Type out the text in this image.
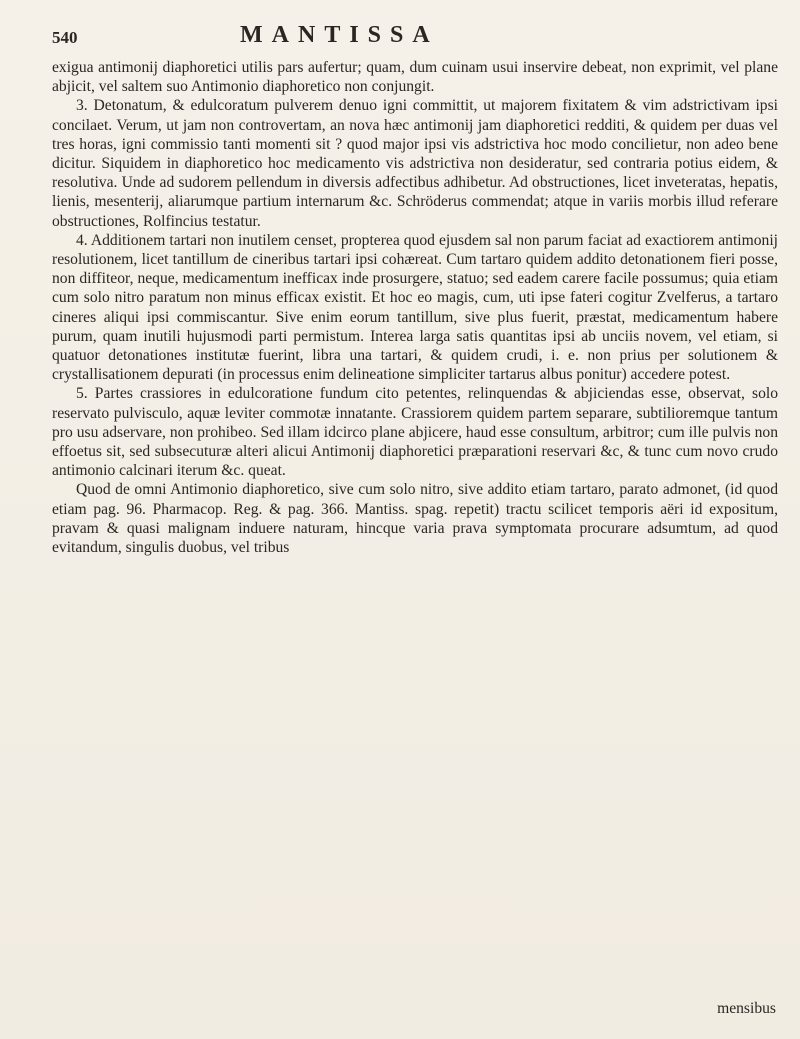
540	MANTISSA

exigua antimonij diaphoretici utilis pars aufertur; quam, dum cuinam usui inservire debeat, non exprimit, vel plane abjicit, vel saltem suo Antimonio diaphoretico non conjungit.

3. Detonatum, & edulcoratum pulverem denuo igni committit, ut majorem fixitatem & vim adstrictivam ipsi concilaet. Verum, ut jam non controvertam, an nova hæc antimonij jam diaphoretici redditi, & quidem per duas vel tres horas, igni commissio tanti momenti sit ? quod major ipsi vis adstrictiva hoc modo concilietur, non adeo bene dicitur. Siquidem in diaphoretico hoc medicamento vis adstrictiva non desideratur, sed contraria potius eidem, & resolutiva. Unde ad sudorem pellendum in diversis adfectibus adhibetur. Ad obstructiones, licet inveteratas, hepatis, lienis, mesenterij, aliarumque partium internarum &c. Schröderus commendat; atque in variis morbis illud referare obstructiones, Rolfincius testatur.

4. Additionem tartari non inutilem censet, propterea quod ejusdem sal non parum faciat ad exactiorem antimonij resolutionem, licet tantillum de cineribus tartari ipsi cohæreat. Cum tartaro quidem addito detonationem fieri posse, non diffiteor, neque, medicamentum inefficax inde prosurgere, statuo; sed eadem carere facile possumus; quia etiam cum solo nitro paratum non minus efficax existit. Et hoc eo magis, cum, uti ipse fateri cogitur Zvelferus, a tartaro cineres aliqui ipsi commiscantur. Sive enim eorum tantillum, sive plus fuerit, præstat, medicamentum habere purum, quam inutili hujusmodi parti permistum. Interea larga satis quantitas ipsi ab unciis novem, vel etiam, si quatuor detonationes institutæ fuerint, libra una tartari, & quidem crudi, i. e. non prius per solutionem & crystallisationem depurati (in processus enim delineatione simpliciter tartarus albus ponitur) accedere potest.

5. Partes crassiores in edulcoratione fundum cito petentes, relinquendas & abjiciendas esse, observat, solo reservato pulvisculo, aquæ leviter commotæ innatante. Crassiorem quidem partem separare, subtilioremque tantum pro usu adservare, non prohibeo. Sed illam idcirco plane abjicere, haud esse consultum, arbitror; cum ille pulvis non effoetus sit, sed subsecuturæ alteri alicui Antimonij diaphoretici præparationi reservari &c, & tunc cum novo crudo antimonio calcinari iterum &c. queat.

Quod de omni Antimonio diaphoretico, sive cum solo nitro, sive addito etiam tartaro, parato admonet, (id quod etiam pag. 96. Pharmacop. Reg. & pag. 366. Mantiss. spag. repetit) tractu scilicet temporis aëri id expositum, pravam & quasi malignam induere naturam, hincque varia prava symptomata procurare adsumtum, ad quod evitandum, singulis duobus, vel tribus

mensibus
